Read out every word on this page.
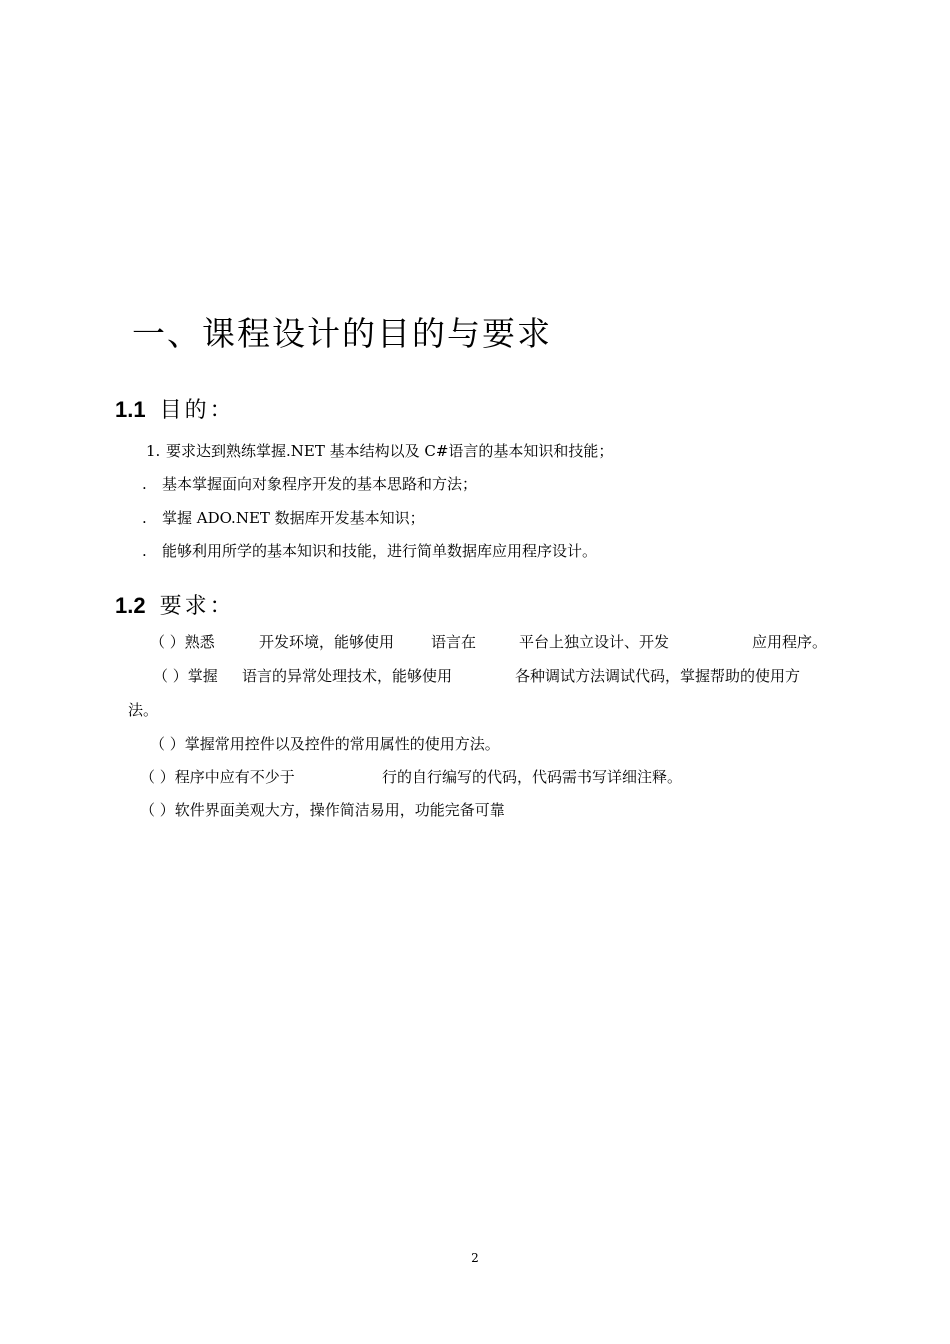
一、课程设计的目的与要求
1.1 目的：
1. 要求达到熟练掌握.NET 基本结构以及 C#语言的基本知识和技能；
. 基本掌握面向对象程序开发的基本思路和方法；
. 掌握 ADO.NET 数据库开发基本知识；
. 能够利用所学的基本知识和技能，进行简单数据库应用程序设计。
1.2 要求：
（ ）熟悉	开发环境，能够使用 语言在	平台上独立设计、开发	应用程序。
（ ）掌握 语言的异常处理技术，能够使用	各种调试方法调试代码，掌握帮助的使用方
法。
（ ）掌握常用控件以及控件的常用属性的使用方法。
（ ）程序中应有不少于	行的自行编写的代码，代码需书写详细注释。
（ ）软件界面美观大方，操作简洁易用，功能完备可靠
2
